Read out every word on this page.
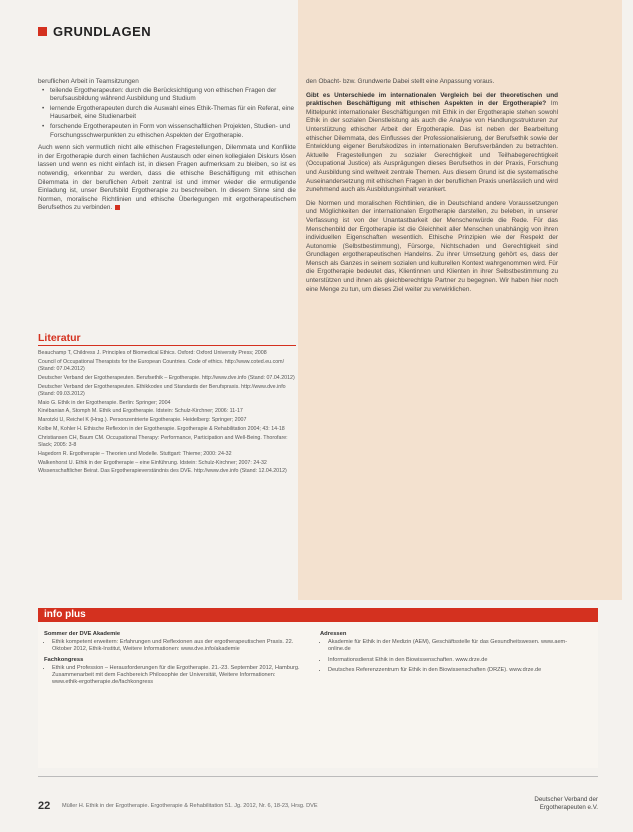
den Obacht- bzw. Grundwerte Dabei stellt eine Anpassung voraus.

Gibt es Unterschiede im internationalen Vergleich bei der theoretischen und praktischen Beschäftigung mit ethischen Aspekten in der Ergotherapie? Im Mittelpunkt internationaler Beschäftigungen mit Ethik in der Ergotherapie stehen sowohl Ethik in der sozialen Dienstleistung als auch die Analyse von Handlungsstrukturen zur Unterstützung ethischer Arbeit der Ergotherapie. Das ist neben der Bearbeitung ethischer Dilemmata, des Einflusses der Professionalisierung, der Berufsethik sowie der Entwicklung eigener Berufskodizes in internationalen Berufsverbänden zu betrachten. Aktuelle Fragestellungen zu sozialer Gerechtigkeit und Teilhabegerechtigkeit (Occupational Justice) als Ausprägungen dieses Berufsethos in der Praxis, Forschung und Ausbildung sind weltweit zentrale Themen. Aus diesem Grund ist die systematische Auseinandersetzung mit ethischen Fragen in der beruflichen Praxis unerlässlich und wird zunehmend auch als Ausbildungsinhalt verankert.

Die Normen und moralischen Richtlinien, die in Deutschland andere Voraussetzungen und Möglichkeiten der internationalen Ergotherapie darstellen, zu beleben, in unserer Verfassung ist von der Unantastbarkeit der Menschenwürde die Rede. Für das Menschenbild der Ergotherapie ist die Gleichheit aller Menschen unabhängig von ihren individuellen Eigenschaften wesentlich. Ethische Prinzipien wie der Respekt der Autonomie (Selbstbestimmung), Fürsorge, Nichtschaden und Gerechtigkeit sind Grundlagen ergotherapeutischen Handelns. Zu ihrer Umsetzung gehört es, dass der Mensch als Ganzes in seinem sozialen und kulturellen Kontext wahrgenommen wird. Für die Ergotherapie bedeutet das, Klientinnen und Klienten in ihrer Selbstbestimmung zu unterstützen und ihnen als gleichberechtigte Partner zu begegnen. Wir haben hier noch eine Menge zu tun, um dieses Ziel weiter zu verwirklichen.

GRUNDLAGEN
beruflichen Arbeit in Teamsitzungen
• teilende Ergotherapeuten: durch die Berücksichtigung von ethischen Fragen der berufsausbildung während Ausbildung und Studium
• lernende Ergotherapeuten durch die Auswahl eines Ethik-Themas für ein Referat, eine Hausarbeit, eine Studienarbeit
• forschende Ergotherapeuten in Form von wissenschaftlichen Projekten, Studien- und Forschungsschwerpunkten zu ethischen Aspekten der Ergotherapie.

Auch wenn sich vermutlich nicht alle ethischen Fragestellungen, Dilemmata und Konflikte in der Ergotherapie durch einen fachlichen Austausch oder einen kollegialen Diskurs lösen lassen und wenn es nicht einfach ist, in diesen Fragen aufmerksam zu bleiben, so ist es notwendig, erkennbar zu werden, dass die ethische Beschäftigung mit ethischen Dilemmata in der beruflichen Arbeit zentral ist und immer wieder die ermutigende Einladung ist, unser Berufsbild Ergotherapie zu beschreiben. In diesem Sinne sind die Normen, moralische Richtlinien und ethische Überlegungen mit ergotherapeutischem Berufsethos zu verbinden.

Literatur
Beauchamp T, Childress J. Principles of Biomedical Ethics. Oxford: Oxford University Press; 2008
Council of Occupational Therapists for the European Countries. Code of ethics. http://www.coted.eu.com/ (Stand: 07.04.2012)
Deutscher Verband der Ergotherapeuten. Berufsethik – Ergotherapie. http://www.dve.info (Stand: 07.04.2012)
Deutscher Verband der Ergotherapeuten. Ethikkodex und Standards der Berufspraxis. http://www.dve.info (Stand: 09.03.2012)
Maio G. Ethik in der Ergotherapie. Berlin: Springer; 2004
Kinébanian A, Stomph M. Ethik und Ergotherapie. Idstein: Schulz-Kirchner; 2006: 11-17
Marotzki U, Reichel K (Hrsg.). Personzentrierte Ergotherapie. Heidelberg: Springer; 2007
Kolbe M, Kohler H. Ethische Reflexion in der Ergotherapie. Ergotherapie & Rehabilitation 2004; 43: 14-18
Christiansen CH, Baum CM. Occupational Therapy: Performance, Participation and Well-Being. Thorofare: Slack; 2005: 3-8
Hagedorn R. Ergotherapie – Theorien und Modelle. Stuttgart: Thieme; 2000: 24-32
Walkenhorst U. Ethik in der Ergotherapie – eine Einführung. Idstein: Schulz-Kirchner; 2007: 24-32
Wissenschaftlicher Beirat. Das Ergotherapieverständnis des DVE. http://www.dve.info (Stand: 12.04.2012)
info plus
Sommer der DVE Akademie
• Ethik kompetent erweitern: Erfahrungen und Reflexionen aus der ergotherapeutischen Praxis. 22. Oktober 2012, Ethik-Institut, Weitere Informationen: www.dve.info/akademie
Fachkongress
• Ethik und Profession – Herausforderungen für die Ergotherapie. 21.-23. September 2012, Hamburg. Zusammenarbeit mit dem Fachbereich Philosophie der Universität, Weitere Informationen: www.ethik-ergotherapie.de/fachkongress
Adressen
• Akademie für Ethik in der Medizin (AEM), Geschäftsstelle für das Gesundheitswesen. www.aem-online.de
• Informationsdienst Ethik in den Biowissenschaften. www.drze.de
• Deutsches Referenzzentrum für Ethik in den Biowissenschaften (DRZE). www.drze.de
22 Müller H. Ethik in der Ergotherapie. Ergotherapie & Rehabilitation 51. Jg. 2012, Nr. 6, 18-23, Hrsg. DVE
Deutscher Verband der
Ergotherapeuten e.V.
